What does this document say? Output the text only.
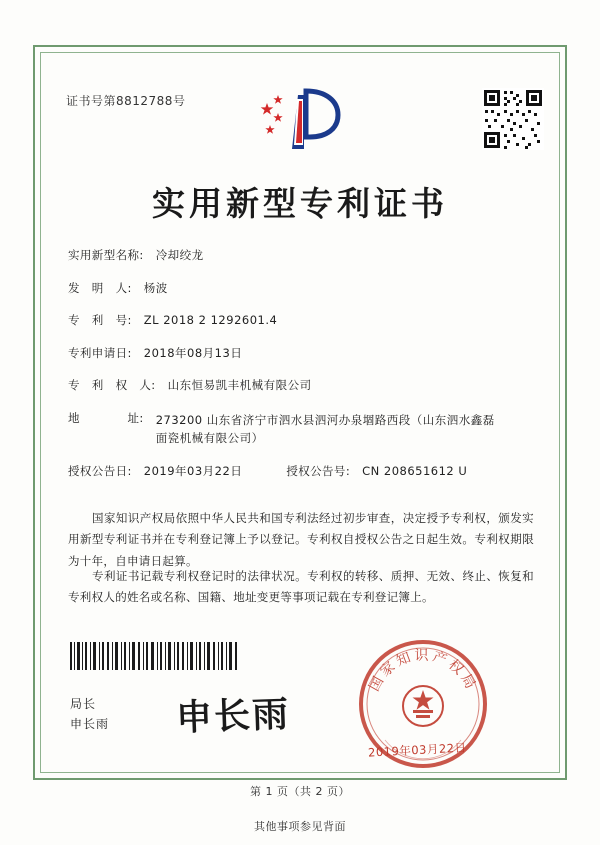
证书号第8812788号
实用新型专利证书
实用新型名称: 冷却绞龙
发　明　人: 杨波
专　利　号: ZL 2018 2 1292601.4
专利申请日: 2018年08月13日
专　利　权　人: 山东恒易凯丰机械有限公司
地　　　　址: 273200 山东省济宁市泗水县泗河办泉堌路西段（山东泗水鑫磊面瓷机械有限公司）
授权公告日: 2019年03月22日	授权公告号: CN 208651612 U
国家知识产权局依照中华人民共和国专利法经过初步审查，决定授予专利权，颁发实用新型专利证书并在专利登记簿上予以登记。专利权自授权公告之日起生效。专利权期限为十年，自申请日起算。
专利证书记载专利权登记时的法律状况。专利权的转移、质押、无效、终止、恢复和专利权人的姓名或名称、国籍、地址变更等事项记载在专利登记簿上。
局长
申长雨 申长雨
国家知识产权局
2019年03月22日
第 1 页（共 2 页）
其他事项参见背面
